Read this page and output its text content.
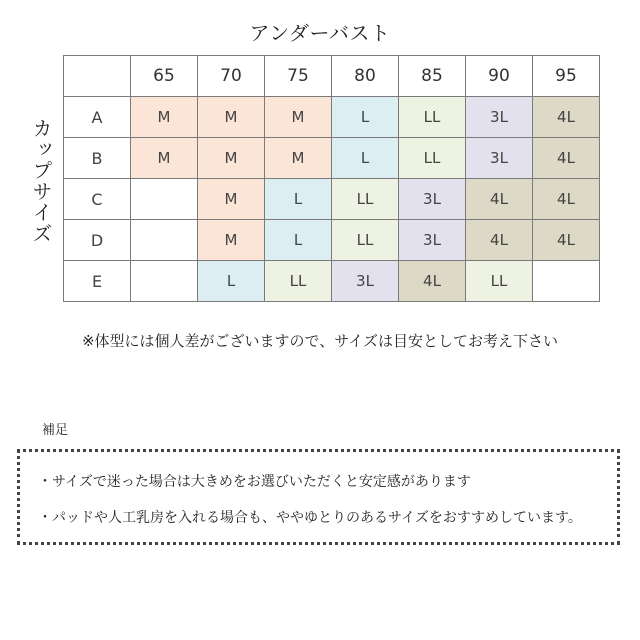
アンダーバスト
カップサイズ
	65	70	75	80	85	90	95
A	M	M	M	L	LL	3L	4L
B	M	M	M	L	LL	3L	4L
C		M	L	LL	3L	4L	4L
D		M	L	LL	3L	4L	4L
E		L	LL	3L	4L	LL	
※体型には個人差がございますので、サイズは目安としてお考え下さい
補足
・サイズで迷った場合は大きめをお選びいただくと安定感があります
・パッドや人工乳房を入れる場合も、ややゆとりのあるサイズをおすすめしています。
